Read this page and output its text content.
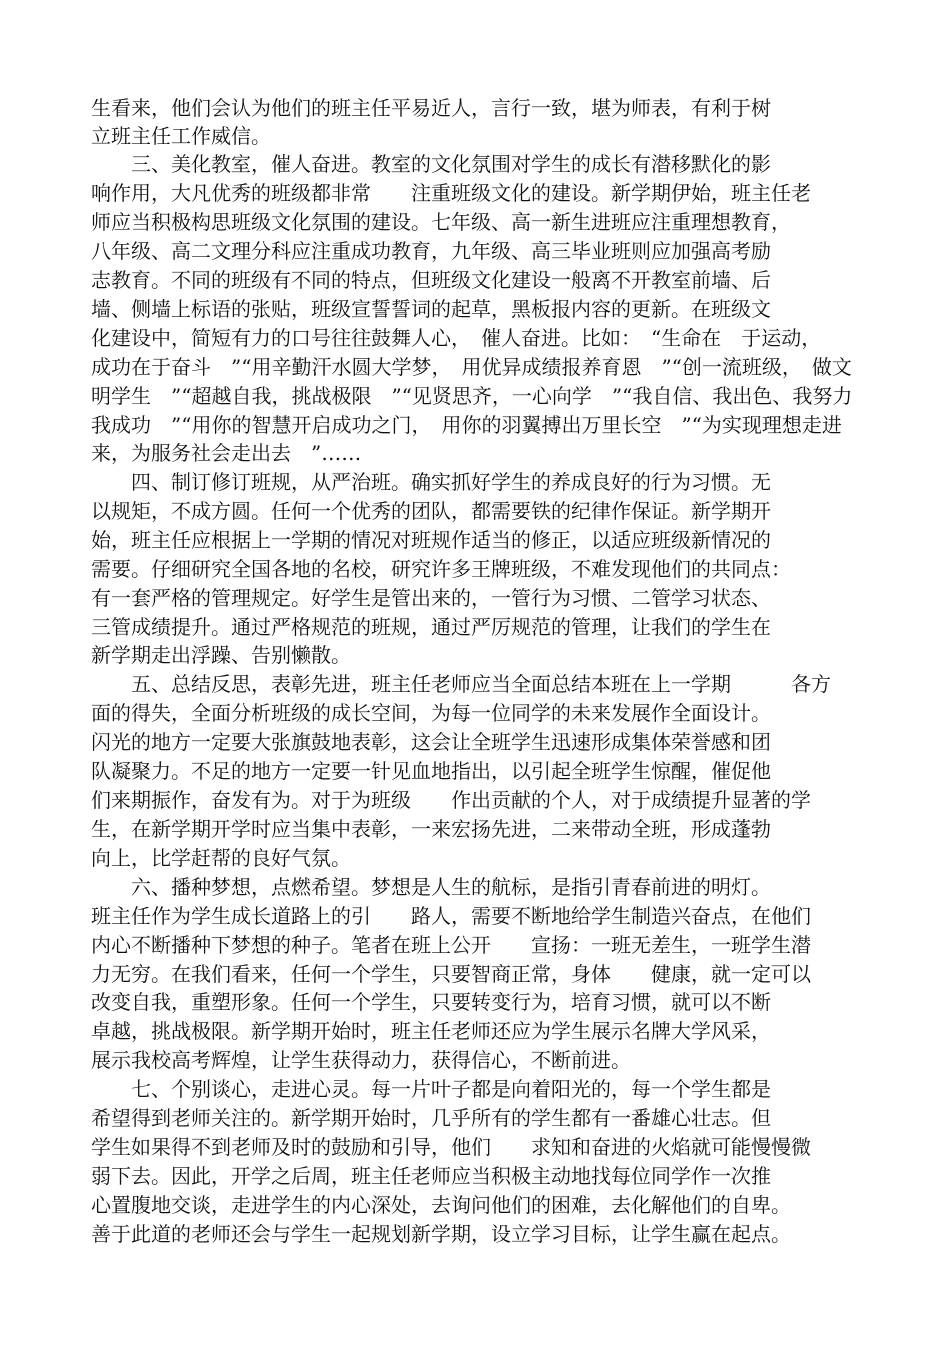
生看来，他们会认为他们的班主任平易近人，言行一致，堪为师表，有利于树
立班主任工作威信。
　　三、美化教室，催人奋进。教室的文化氛围对学生的成长有潜移默化的影
响作用，大凡优秀的班级都非常　　注重班级文化的建设。新学期伊始，班主任老
师应当积极构思班级文化氛围的建设。七年级、高一新生进班应注重理想教育，
八年级、高二文理分科应注重成功教育，九年级、高三毕业班则应加强高考励
志教育。不同的班级有不同的特点，但班级文化建设一般离不开教室前墙、后
墙、侧墙上标语的张贴，班级宣誓誓词的起草，黑板报内容的更新。在班级文
化建设中，简短有力的口号往往鼓舞人心，　催人奋进。比如：　“生命在　于运动，
成功在于奋斗　”“用辛勤汗水圆大学梦，　用优异成绩报养育恩　”“创一流班级，　做文
明学生　”“超越自我，挑战极限　”“见贤思齐，一心向学　”“我自信、我出色、我努力
我成功　”“用你的智慧开启成功之门，　用你的羽翼搏出万里长空　”“为实现理想走进
来，为服务社会走出去　”……
　　四、制订修订班规，从严治班。确实抓好学生的养成良好的行为习惯。无
以规矩，不成方圆。任何一个优秀的团队，都需要铁的纪律作保证。新学期开
始，班主任应根据上一学期的情况对班规作适当的修正，以适应班级新情况的
需要。仔细研究全国各地的名校，研究许多王牌班级，不难发现他们的共同点：
有一套严格的管理规定。好学生是管出来的，一管行为习惯、二管学习状态、
三管成绩提升。通过严格规范的班规，通过严厉规范的管理，让我们的学生在
新学期走出浮躁、告别懒散。
　　五、总结反思，表彰先进，班主任老师应当全面总结本班在上一学期　　　各方
面的得失，全面分析班级的成长空间，为每一位同学的未来发展作全面设计。
闪光的地方一定要大张旗鼓地表彰，这会让全班学生迅速形成集体荣誉感和团
队凝聚力。不足的地方一定要一针见血地指出，以引起全班学生惊醒，催促他
们来期振作，奋发有为。对于为班级　　作出贡献的个人，对于成绩提升显著的学
生，在新学期开学时应当集中表彰，一来宏扬先进，二来带动全班，形成蓬勃
向上，比学赶帮的良好气氛。
　　六、播种梦想，点燃希望。梦想是人生的航标，是指引青春前进的明灯。
班主任作为学生成长道路上的引　　路人，需要不断地给学生制造兴奋点，在他们
内心不断播种下梦想的种子。笔者在班上公开　　宣扬：一班无差生，一班学生潜
力无穷。在我们看来，任何一个学生，只要智商正常，身体　　健康，就一定可以
改变自我，重塑形象。任何一个学生，只要转变行为，培育习惯，就可以不断
卓越，挑战极限。新学期开始时，班主任老师还应为学生展示名牌大学风采，
展示我校高考辉煌，让学生获得动力，获得信心，不断前进。
　　七、个别谈心，走进心灵。每一片叶子都是向着阳光的，每一个学生都是
希望得到老师关注的。新学期开始时，几乎所有的学生都有一番雄心壮志。但
学生如果得不到老师及时的鼓励和引导，他们　　求知和奋进的火焰就可能慢慢微
弱下去。因此，开学之后周，班主任老师应当积极主动地找每位同学作一次推
心置腹地交谈，走进学生的内心深处，去询问他们的困难，去化解他们的自卑。
善于此道的老师还会与学生一起规划新学期，设立学习目标，让学生赢在起点。
